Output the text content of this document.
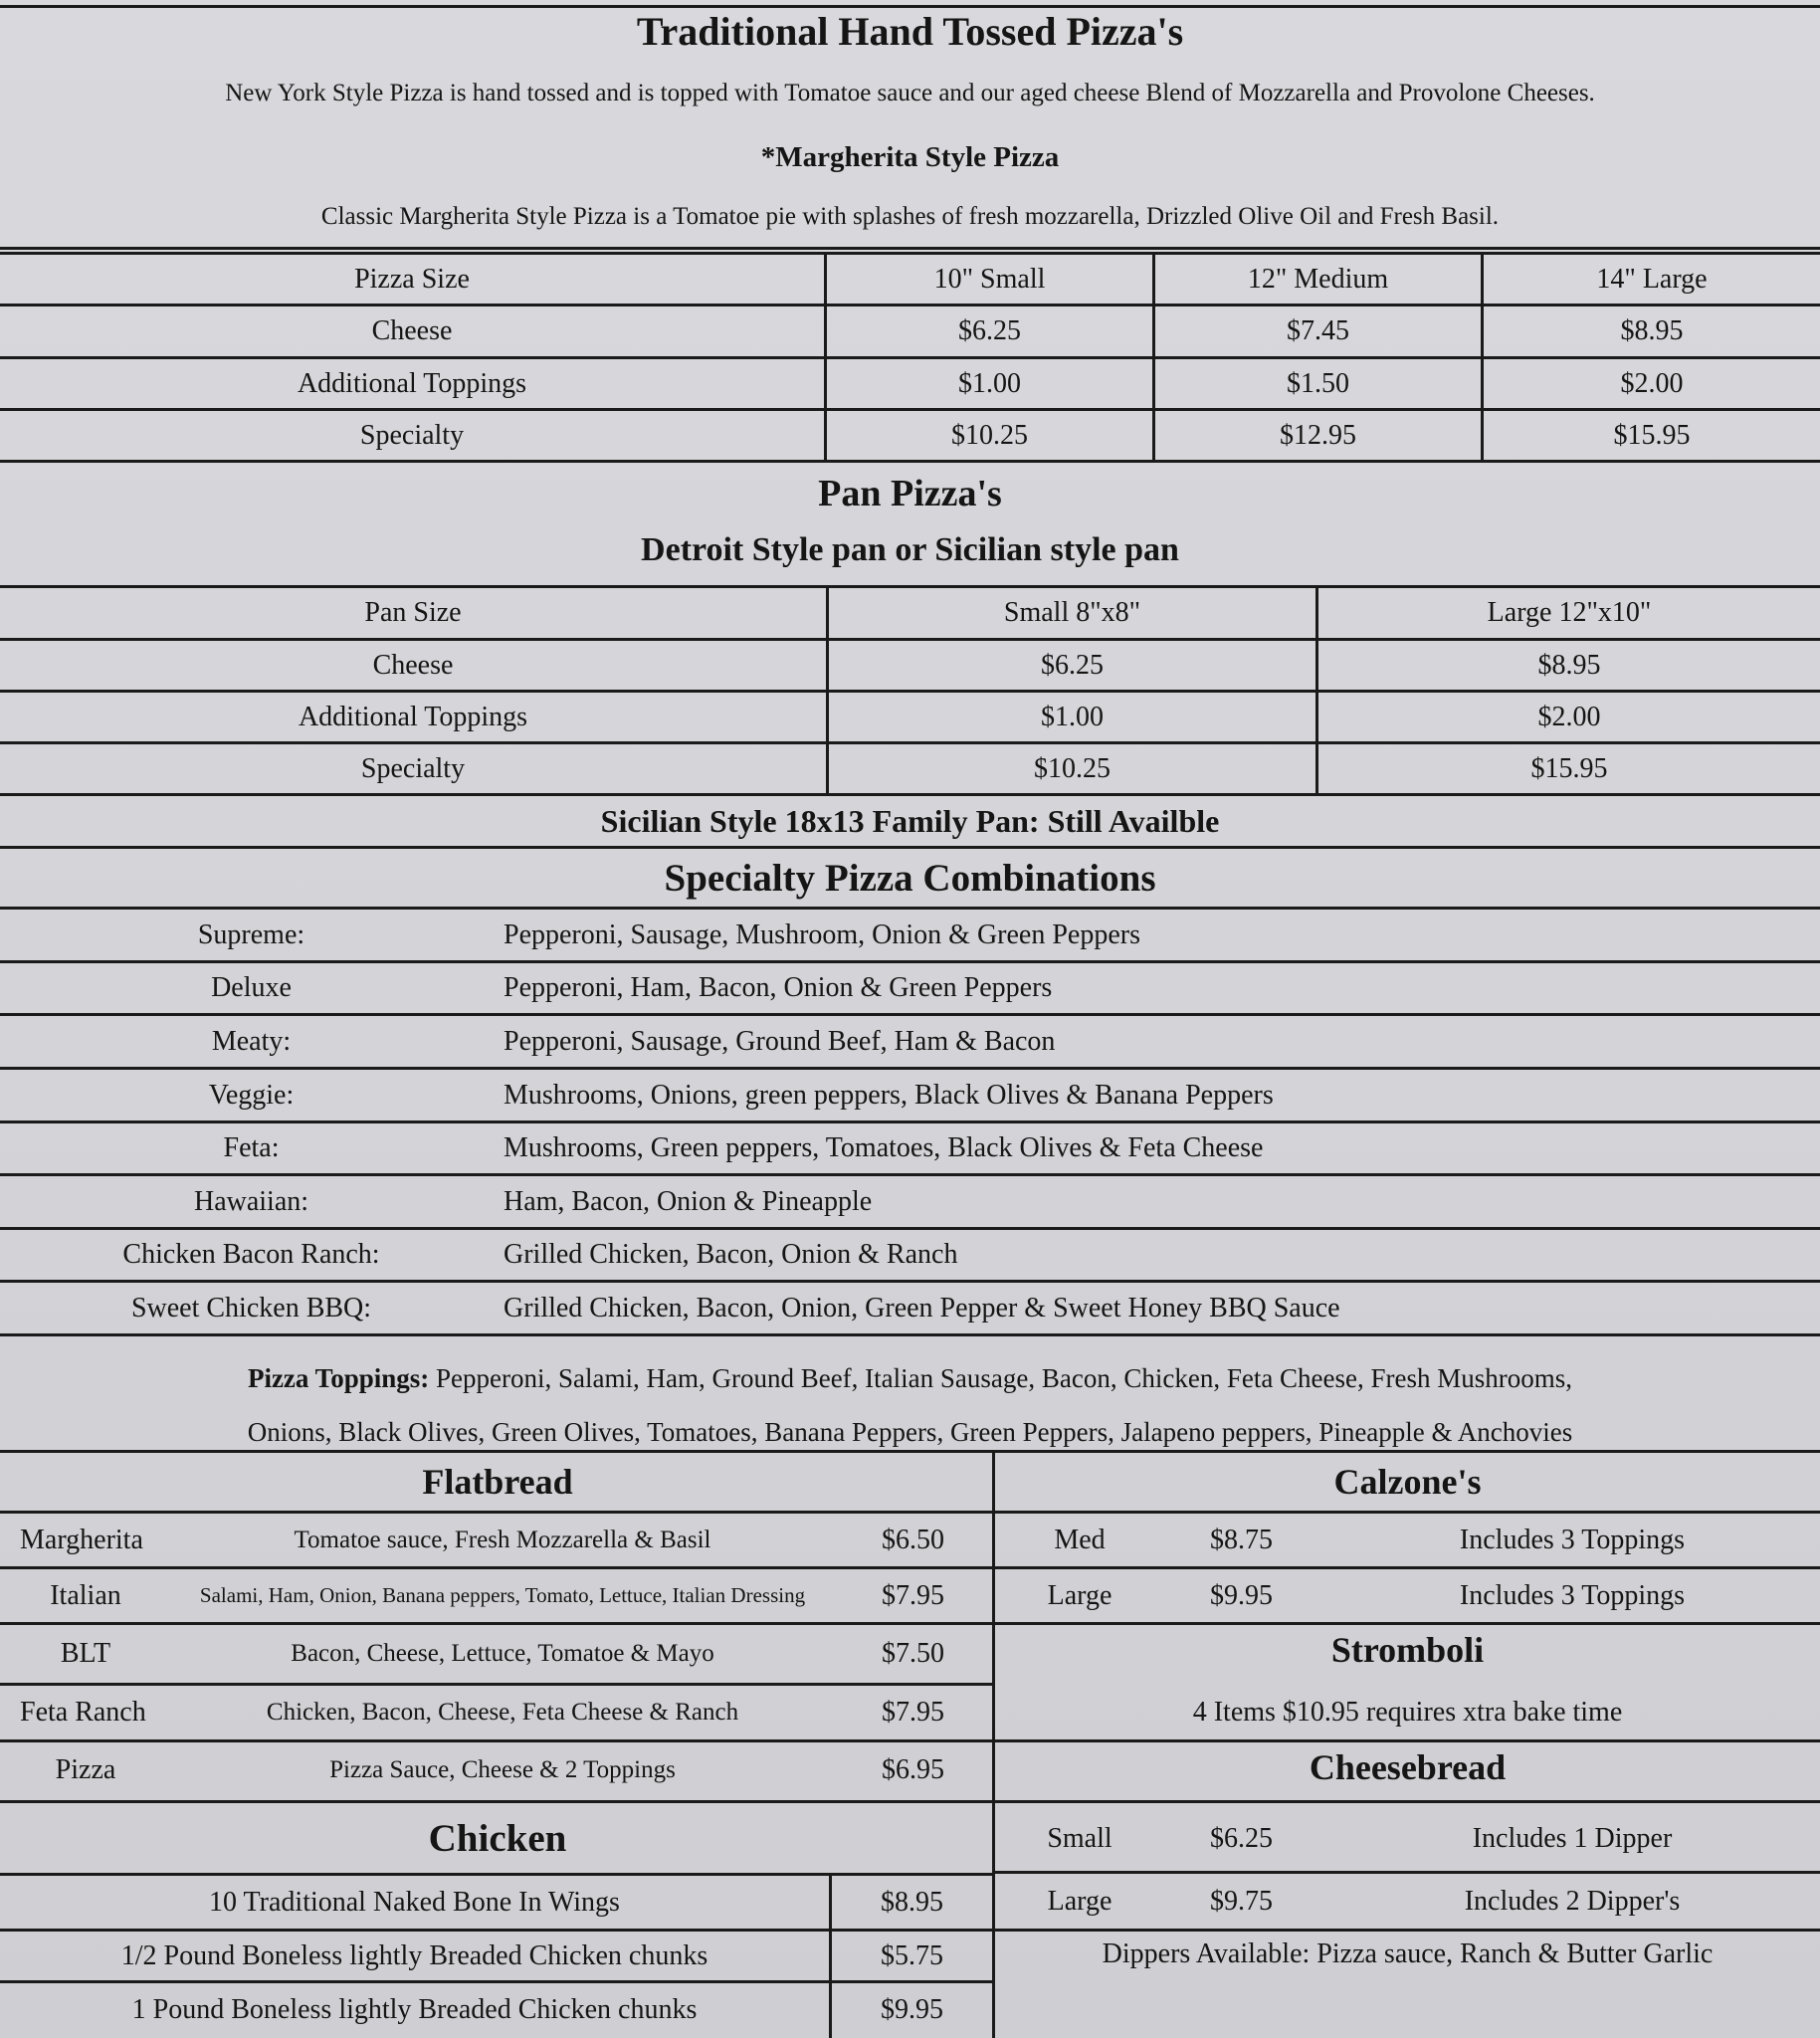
Traditional Hand Tossed Pizza's
New York Style Pizza is hand tossed and is topped with Tomatoe sauce and our aged cheese Blend of Mozzarella and Provolone Cheeses.
*Margherita Style Pizza
Classic Margherita Style Pizza is a Tomatoe pie with splashes of fresh mozzarella, Drizzled Olive Oil and Fresh Basil.
Pizza Size	10" Small	12" Medium	14" Large
Cheese	$6.25	$7.45	$8.95
Additional Toppings	$1.00	$1.50	$2.00
Specialty	$10.25	$12.95	$15.95
Pan Pizza's
Detroit Style pan or Sicilian style pan
Pan Size	Small 8"x8"	Large 12"x10"
Cheese	$6.25	$8.95
Additional Toppings	$1.00	$2.00
Specialty	$10.25	$15.95
Sicilian Style 18x13 Family Pan: Still Availble
Specialty Pizza Combinations
Supreme:	Pepperoni, Sausage, Mushroom, Onion & Green Peppers
Deluxe	Pepperoni, Ham, Bacon, Onion & Green Peppers
Meaty:	Pepperoni, Sausage, Ground Beef, Ham & Bacon
Veggie:	Mushrooms, Onions, green peppers, Black Olives & Banana Peppers
Feta:	Mushrooms, Green peppers, Tomatoes, Black Olives & Feta Cheese
Hawaiian:	Ham, Bacon, Onion & Pineapple
Chicken Bacon Ranch:	Grilled Chicken, Bacon, Onion & Ranch
Sweet Chicken BBQ:	Grilled Chicken, Bacon, Onion, Green Pepper & Sweet Honey BBQ Sauce
Pizza Toppings: Pepperoni, Salami, Ham, Ground Beef, Italian Sausage, Bacon, Chicken, Feta Cheese, Fresh Mushrooms,
Onions, Black Olives, Green Olives, Tomatoes, Banana Peppers, Green Peppers, Jalapeno peppers, Pineapple & Anchovies
Flatbread
Margherita	Tomatoe sauce, Fresh Mozzarella & Basil	$6.50
Italian	Salami, Ham, Onion, Banana peppers, Tomato, Lettuce, Italian Dressing	$7.95
BLT	Bacon, Cheese, Lettuce, Tomatoe & Mayo	$7.50
Feta Ranch	Chicken, Bacon, Cheese, Feta Cheese & Ranch	$7.95
Pizza	Pizza Sauce, Cheese & 2 Toppings	$6.95
Chicken
10 Traditional Naked Bone In Wings	$8.95
1/2 Pound Boneless lightly Breaded Chicken chunks	$5.75
1 Pound Boneless lightly Breaded Chicken chunks	$9.95
Calzone's
Med	$8.75	Includes 3 Toppings
Large	$9.95	Includes 3 Toppings
Stromboli
4 Items $10.95 requires xtra bake time
Cheesebread
Small	$6.25	Includes 1 Dipper
Large	$9.75	Includes 2 Dipper's
Dippers Available: Pizza sauce, Ranch & Butter Garlic
